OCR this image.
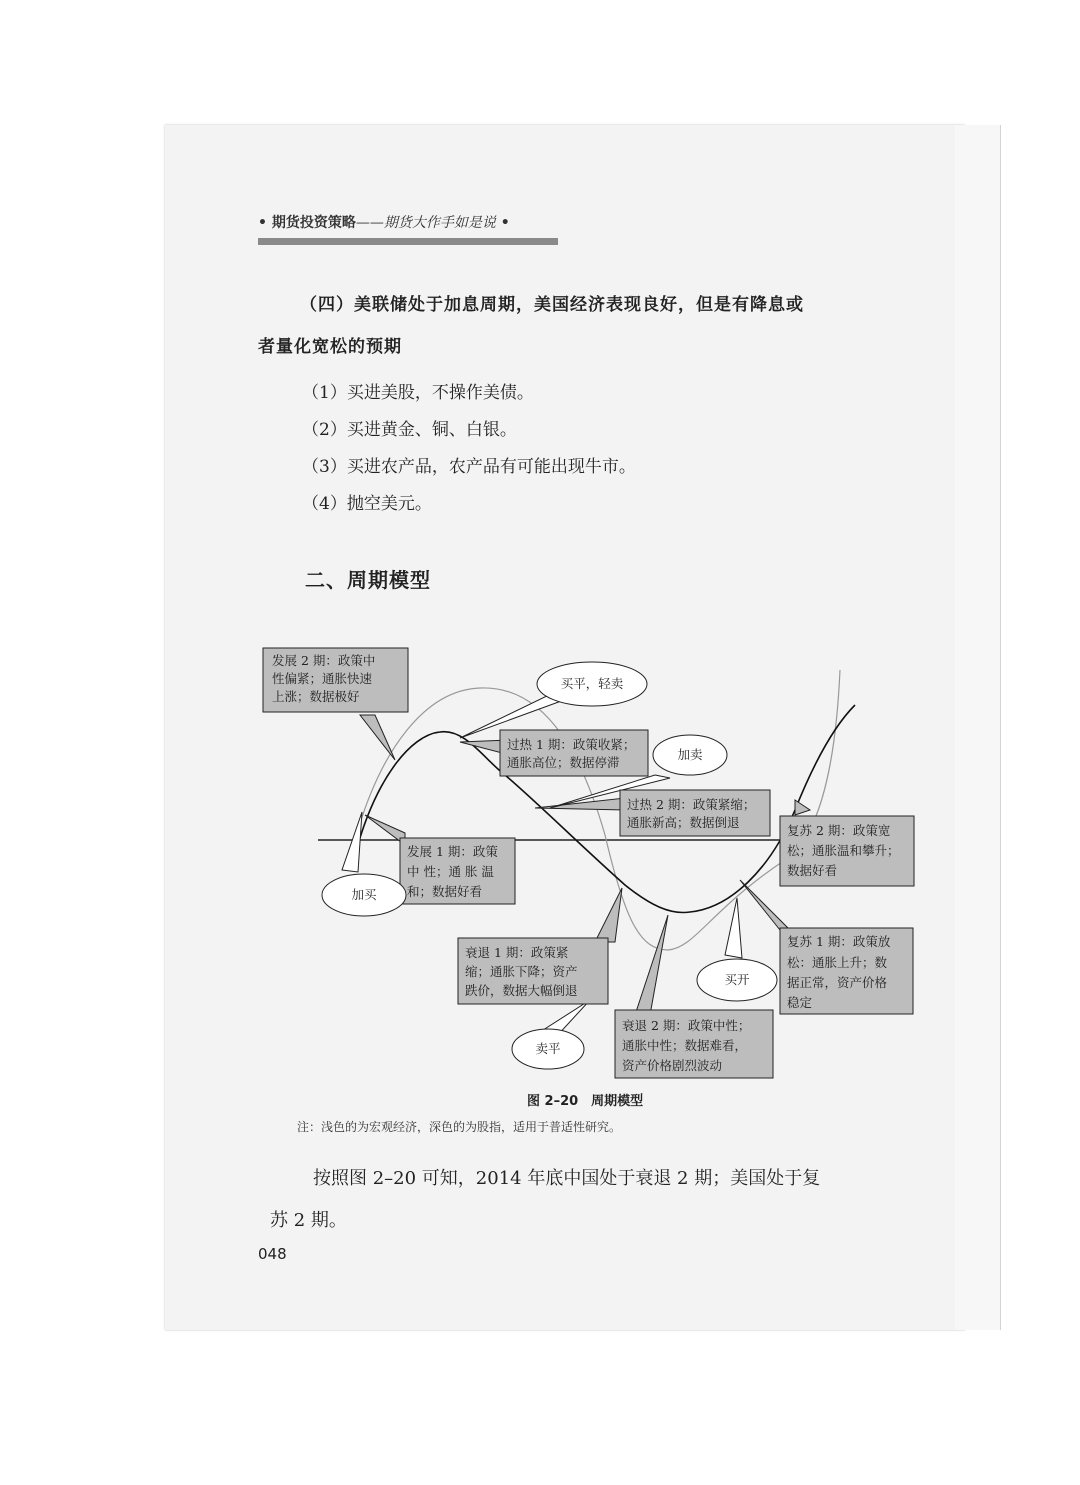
• 期货投资策略——期货大作手如是说 •
（四）美联储处于加息周期，美国经济表现良好，但是有降息或
者量化宽松的预期
（1）买进美股，不操作美债。
（2）买进黄金、铜、白银。
（3）买进农产品，农产品有可能出现牛市。
（4）抛空美元。
二、周期模型
发展 2 期：政策中
性偏紧；通胀快速
上涨；数据极好
过热 1 期：政策收紧；
通胀高位；数据停滞
过热 2 期：政策紧缩；
通胀新高；数据倒退
复苏 2 期：政策宽
松；通胀温和攀升；
数据好看
发展 1 期：政策
中 性；通 胀 温
和；数据好看
衰退 1 期：政策紧
缩；通胀下降；资产
跌价，数据大幅倒退
复苏 1 期：政策放
松：通胀上升；数
据正常，资产价格
稳定
衰退 2 期：政策中性；
通胀中性；数据难看，
资产价格剧烈波动
买平，轻卖
加卖
加买
买开
卖平
图 2–20　周期模型
注：浅色的为宏观经济，深色的为股指，适用于普适性研究。
按照图 2–20 可知，2014 年底中国处于衰退 2 期；美国处于复
苏 2 期。
048
